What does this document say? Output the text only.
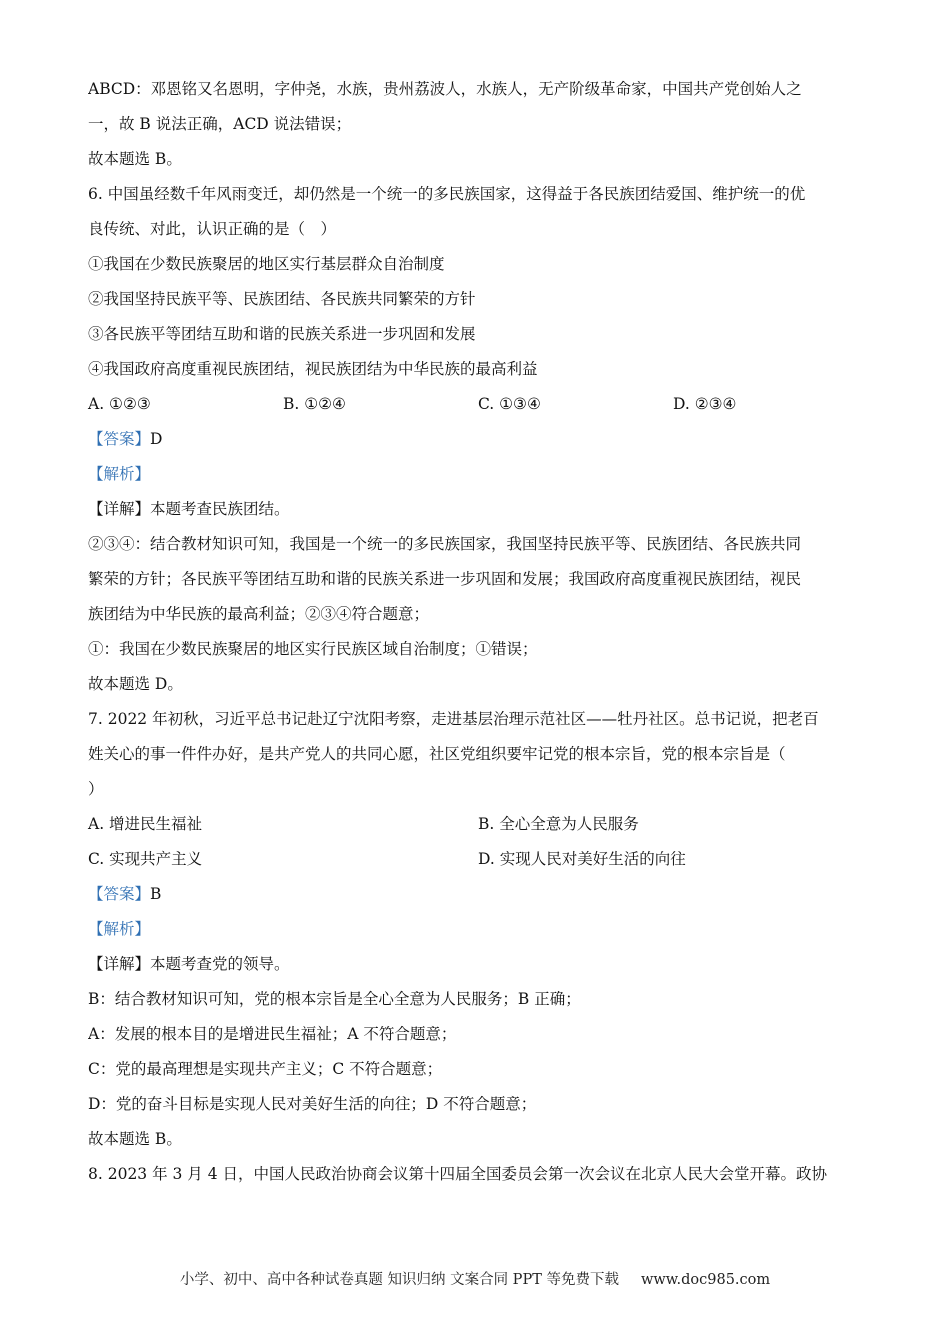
ABCD：邓恩铭又名恩明，字仲尧，水族，贵州荔波人，水族人，无产阶级革命家，中国共产党创始人之
一，故 B 说法正确，ACD 说法错误；
故本题选 B。
6. 中国虽经数千年风雨变迁，却仍然是一个统一的多民族国家，这得益于各民族团结爱国、维护统一的优
良传统、对此，认识正确的是（　）
①我国在少数民族聚居的地区实行基层群众自治制度
②我国坚持民族平等、民族团结、各民族共同繁荣的方针
③各民族平等团结互助和谐的民族关系进一步巩固和发展
④我国政府高度重视民族团结，视民族团结为中华民族的最高利益
A. ①②③	B. ①②④	C. ①③④	D. ②③④
【答案】D
【解析】
【详解】本题考查民族团结。
②③④：结合教材知识可知，我国是一个统一的多民族国家，我国坚持民族平等、民族团结、各民族共同
繁荣的方针；各民族平等团结互助和谐的民族关系进一步巩固和发展；我国政府高度重视民族团结，视民
族团结为中华民族的最高利益；②③④符合题意；
①：我国在少数民族聚居的地区实行民族区域自治制度；①错误；
故本题选 D。
7. 2022 年初秋，习近平总书记赴辽宁沈阳考察，走进基层治理示范社区——牡丹社区。总书记说，把老百
姓关心的事一件件办好，是共产党人的共同心愿，社区党组织要牢记党的根本宗旨，党的根本宗旨是（
）
A. 增进民生福祉	B. 全心全意为人民服务
C. 实现共产主义	D. 实现人民对美好生活的向往
【答案】B
【解析】
【详解】本题考查党的领导。
B：结合教材知识可知，党的根本宗旨是全心全意为人民服务；B 正确；
A：发展的根本目的是增进民生福祉；A 不符合题意；
C：党的最高理想是实现共产主义；C 不符合题意；
D：党的奋斗目标是实现人民对美好生活的向往；D 不符合题意；
故本题选 B。
8. 2023 年 3 月 4 日，中国人民政治协商会议第十四届全国委员会第一次会议在北京人民大会堂开幕。政协
小学、初中、高中各种试卷真题 知识归纳 文案合同 PPT 等免费下载 www.doc985.com
